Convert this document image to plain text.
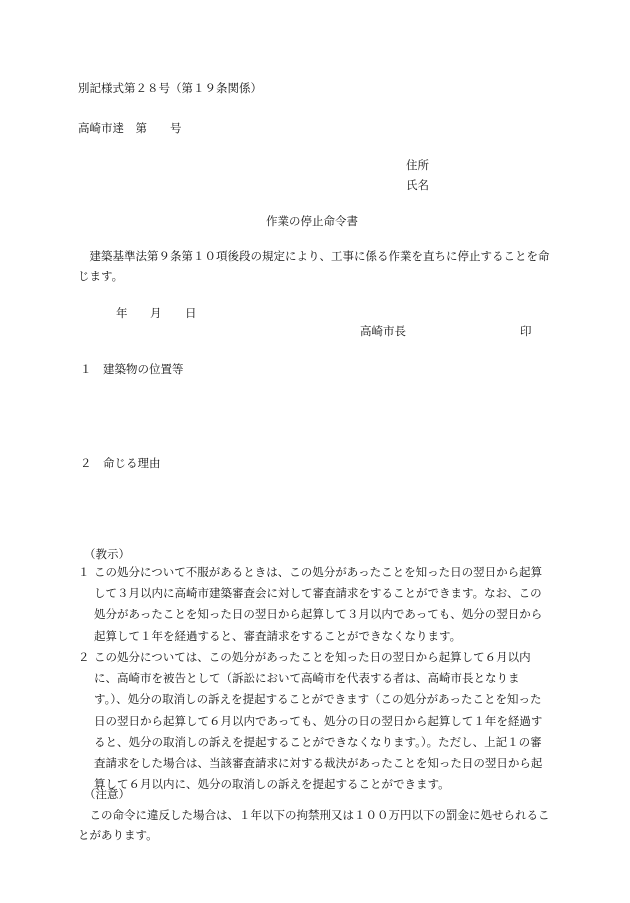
別記様式第２８号（第１９条関係）
高崎市達　第　　号
住所
氏名
作業の停止命令書
建築基準法第９条第１０項後段の規定により、工事に係る作業を直ちに停止することを命じます。
年 月 日
高崎市長	印
１ 建築物の位置等
２ 命じる理由
（教示）
１ この処分について不服があるときは、この処分があったことを知った日の翌日から起算して３月以内に高崎市建築審査会に対して審査請求をすることができます。なお、この処分があったことを知った日の翌日から起算して３月以内であっても、処分の翌日から起算して１年を経過すると、審査請求をすることができなくなります。
２ この処分については、この処分があったことを知った日の翌日から起算して６月以内に、高崎市を被告として（訴訟において高崎市を代表する者は、高崎市長となります。）、処分の取消しの訴えを提起することができます（この処分があったことを知った日の翌日から起算して６月以内であっても、処分の日の翌日から起算して１年を経過すると、処分の取消しの訴えを提起することができなくなります。）。ただし、上記１の審査請求をした場合は、当該審査請求に対する裁決があったことを知った日の翌日から起算して６月以内に、処分の取消しの訴えを提起することができます。
（注意）
この命令に違反した場合は、１年以下の拘禁刑又は１００万円以下の罰金に処せられることがあります。
